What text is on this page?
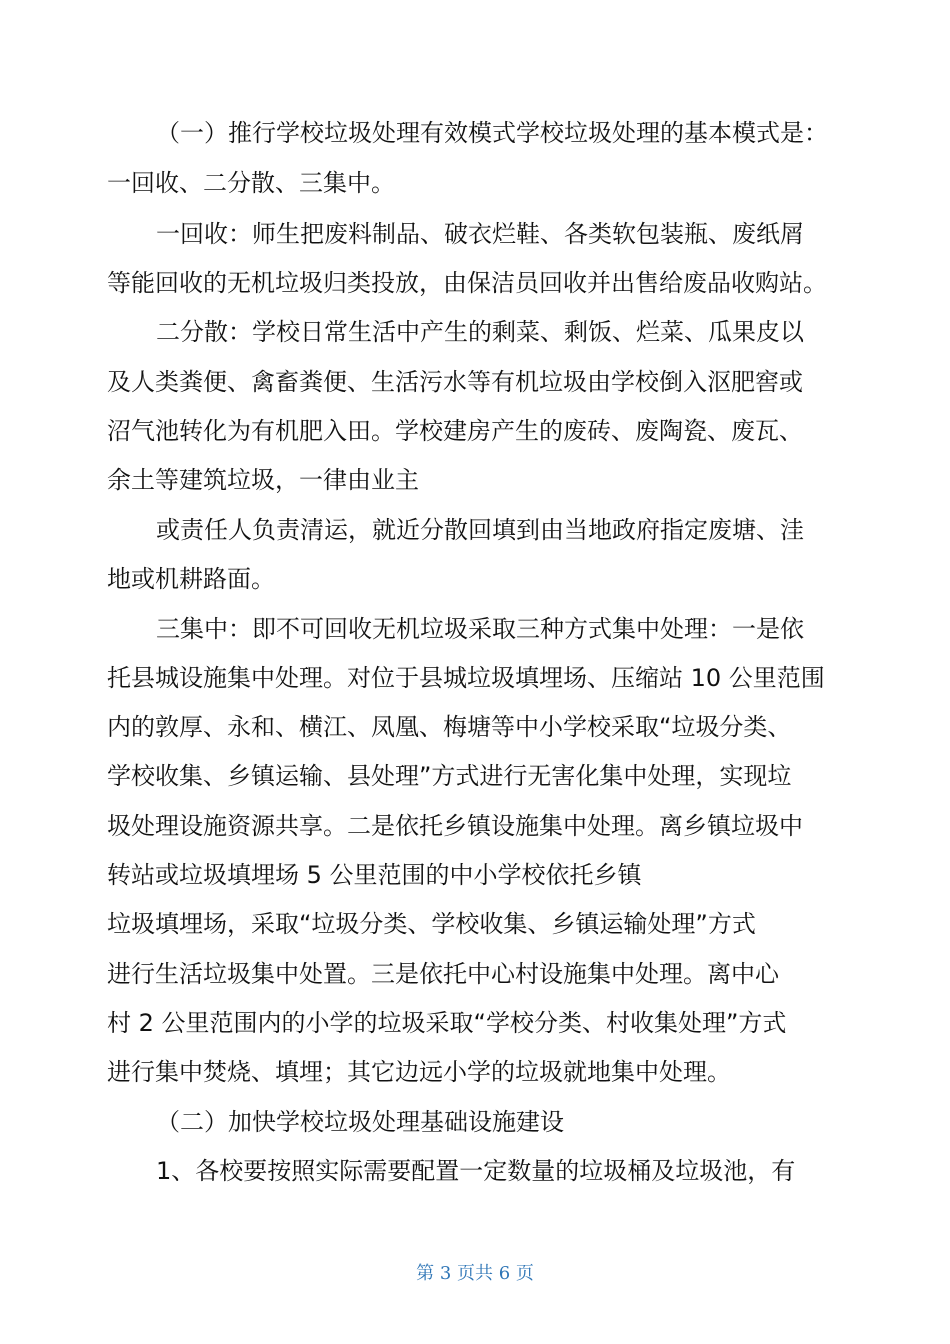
（一）推行学校垃圾处理有效模式学校垃圾处理的基本模式是：
一回收、二分散、三集中。
一回收：师生把废料制品、破衣烂鞋、各类软包装瓶、废纸屑
等能回收的无机垃圾归类投放，由保洁员回收并出售给废品收购站。
二分散：学校日常生活中产生的剩菜、剩饭、烂菜、瓜果皮以
及人类粪便、禽畜粪便、生活污水等有机垃圾由学校倒入沤肥窖或
沼气池转化为有机肥入田。学校建房产生的废砖、废陶瓷、废瓦、
余土等建筑垃圾，一律由业主
或责任人负责清运，就近分散回填到由当地政府指定废塘、洼
地或机耕路面。
三集中：即不可回收无机垃圾采取三种方式集中处理：一是依
托县城设施集中处理。对位于县城垃圾填埋场、压缩站 10 公里范围
内的敦厚、永和、横江、凤凰、梅塘等中小学校采取“垃圾分类、
学校收集、乡镇运输、县处理”方式进行无害化集中处理，实现垃
圾处理设施资源共享。二是依托乡镇设施集中处理。离乡镇垃圾中
转站或垃圾填埋场 5 公里范围的中小学校依托乡镇
垃圾填埋场，采取“垃圾分类、学校收集、乡镇运输处理”方式
进行生活垃圾集中处置。三是依托中心村设施集中处理。离中心
村 2 公里范围内的小学的垃圾采取“学校分类、村收集处理”方式
进行集中焚烧、填埋；其它边远小学的垃圾就地集中处理。
（二）加快学校垃圾处理基础设施建设
1、各校要按照实际需要配置一定数量的垃圾桶及垃圾池，有
第 3 页共 6 页
